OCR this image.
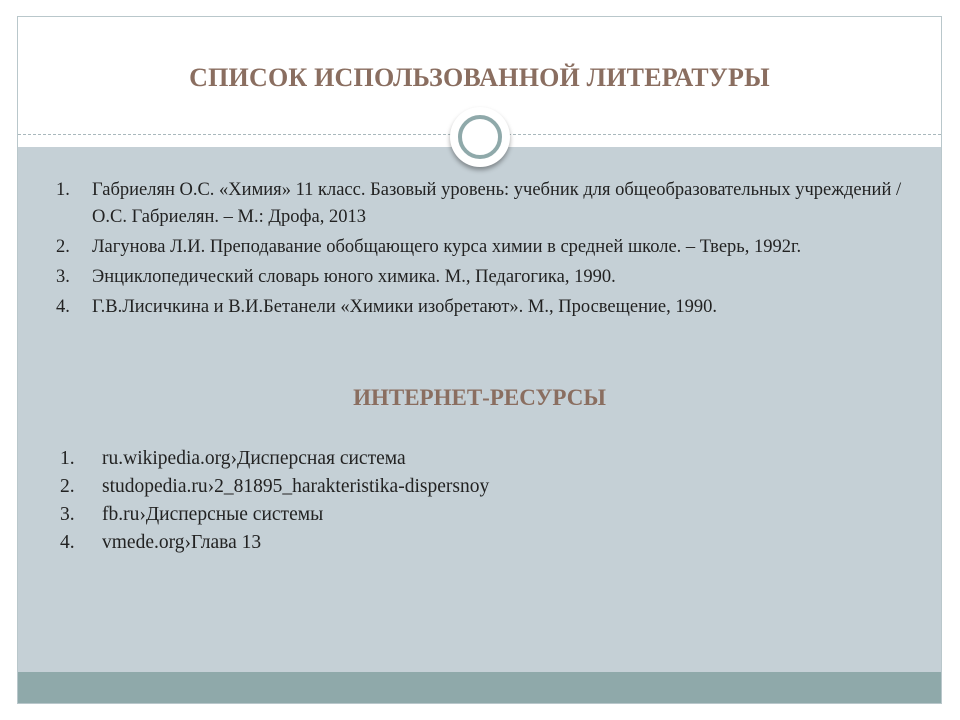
СПИСОК ИСПОЛЬЗОВАННОЙ ЛИТЕРАТУРЫ
1. Габриелян О.С. «Химия» 11 класс. Базовый уровень: учебник для общеобразовательных учреждений /О.С. Габриелян. – М.: Дрофа, 2013
2. Лагунова Л.И. Преподавание обобщающего курса химии в средней школе. – Тверь, 1992г.
3. Энциклопедический словарь юного химика. М., Педагогика, 1990.
4. Г.В.Лисичкина и В.И.Бетанели «Химики изобретают». М., Просвещение, 1990.
ИНТЕРНЕТ-РЕСУРСЫ
1. ru.wikipedia.org›Дисперсная система
2. studopedia.ru›2_81895_harakteristika-dispersnoy
3. fb.ru›Дисперсные системы
4. vmede.org›Глава 13
